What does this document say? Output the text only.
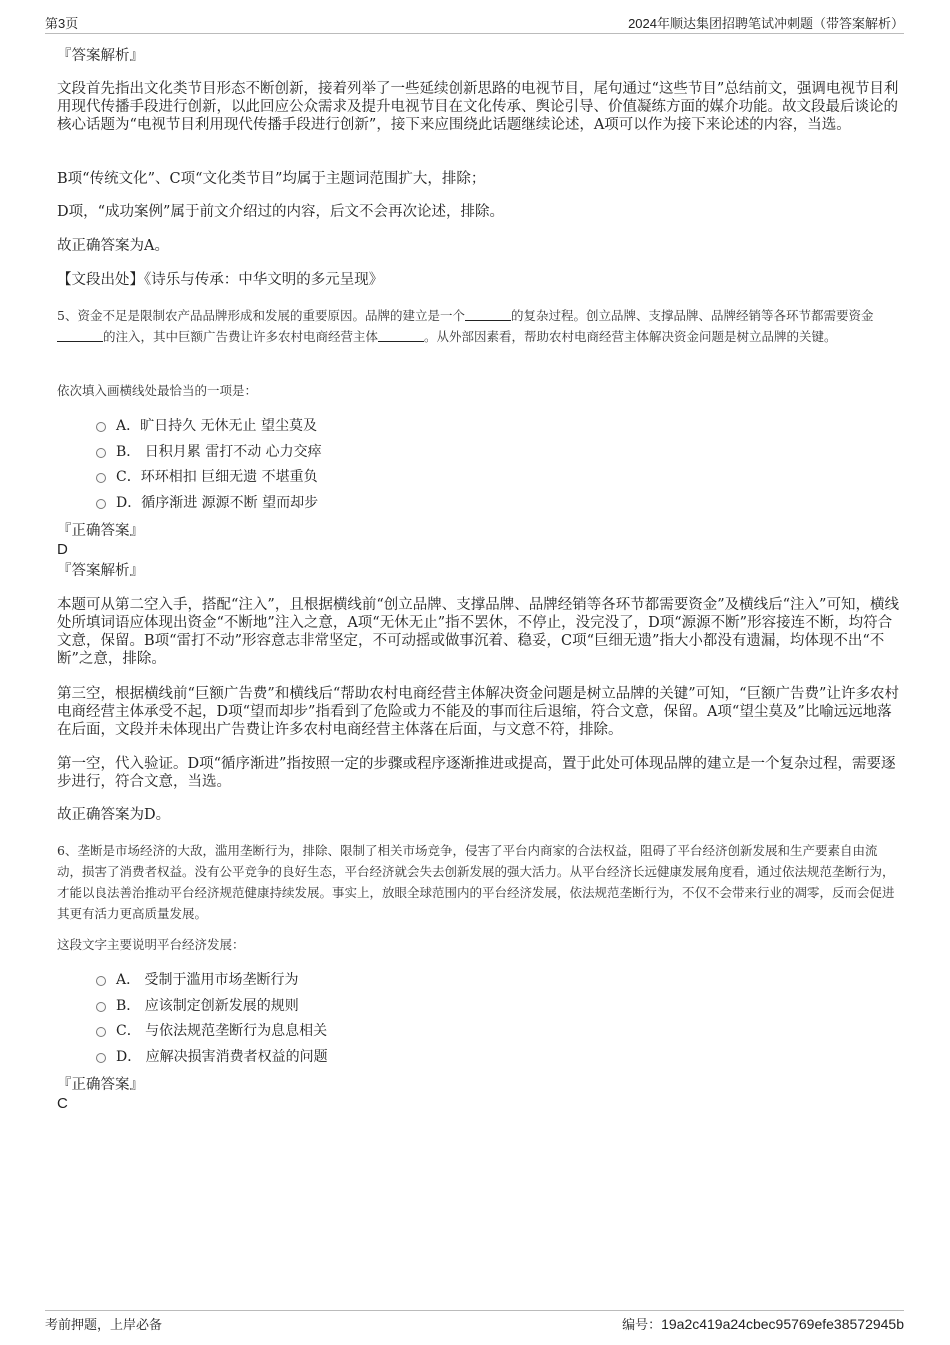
第3页	2024年顺达集团招聘笔试冲刺题（带答案解析）
『答案解析』
文段首先指出文化类节目形态不断创新，接着列举了一些延续创新思路的电视节目，尾句通过“这些节目”总结前文，强调电视节目利用现代传播手段进行创新，以此回应公众需求及提升电视节目在文化传承、舆论引导、价值凝练方面的媒介功能。故文段最后谈论的核心话题为“电视节目利用现代传播手段进行创新”，接下来应围绕此话题继续论述，A项可以作为接下来论述的内容，当选。
B项“传统文化”、C项“文化类节目”均属于主题词范围扩大，排除；
D项，“成功案例”属于前文介绍过的内容，后文不会再次论述，排除。
故正确答案为A。
【文段出处】《诗乐与传承：中华文明的多元呈现》
5、资金不足是限制农产品品牌形成和发展的重要原因。品牌的建立是一个	的复杂过程。创立品牌、支撑品牌、品牌经销等各环节都需要资金的注入，其中巨额广告费让许多农村电商经营主体	。从外部因素看，帮助农村电商经营主体解决资金问题是树立品牌的关键。
依次填入画横线处最恰当的一项是：
A．旷日持久 无休无止 望尘莫及
B． 日积月累 雷打不动 心力交瘁
C．环环相扣 巨细无遗 不堪重负
D．循序渐进 源源不断 望而却步
『正确答案』
D
『答案解析』
本题可从第二空入手，搭配“注入”，且根据横线前“创立品牌、支撑品牌、品牌经销等各环节都需要资金”及横线后“注入”可知，横线处所填词语应体现出资金“不断地”注入之意，A项“无休无止”指不罢休，不停止，没完没了，D项“源源不断”形容接连不断，均符合文意，保留。B项“雷打不动”形容意志非常坚定，不可动摇或做事沉着、稳妥，C项“巨细无遗”指大小都没有遗漏，均体现不出“不断”之意，排除。
第三空，根据横线前“巨额广告费”和横线后“帮助农村电商经营主体解决资金问题是树立品牌的关键”可知，“巨额广告费”让许多农村电商经营主体承受不起，D项“望而却步”指看到了危险或力不能及的事而往后退缩，符合文意，保留。A项“望尘莫及”比喻远远地落在后面，文段并未体现出广告费让许多农村电商经营主体落在后面，与文意不符，排除。
第一空，代入验证。D项“循序渐进”指按照一定的步骤或程序逐渐推进或提高，置于此处可体现品牌的建立是一个复杂过程，需要逐步进行，符合文意，当选。
故正确答案为D。
6、垄断是市场经济的大敌，滥用垄断行为，排除、限制了相关市场竞争，侵害了平台内商家的合法权益，阻碍了平台经济创新发展和生产要素自由流动，损害了消费者权益。没有公平竞争的良好生态，平台经济就会失去创新发展的强大活力。从平台经济长远健康发展角度看，通过依法规范垄断行为，才能以良法善治推动平台经济规范健康持续发展。事实上，放眼全球范围内的平台经济发展，依法规范垄断行为，不仅不会带来行业的凋零，反而会促进其更有活力更高质量发展。
这段文字主要说明平台经济发展：
A． 受制于滥用市场垄断行为
B． 应该制定创新发展的规则
C． 与依法规范垄断行为息息相关
D． 应解决损害消费者权益的问题
『正确答案』
C
考前押题，上岸必备	编号：19a2c419a24cbec95769efe38572945b
